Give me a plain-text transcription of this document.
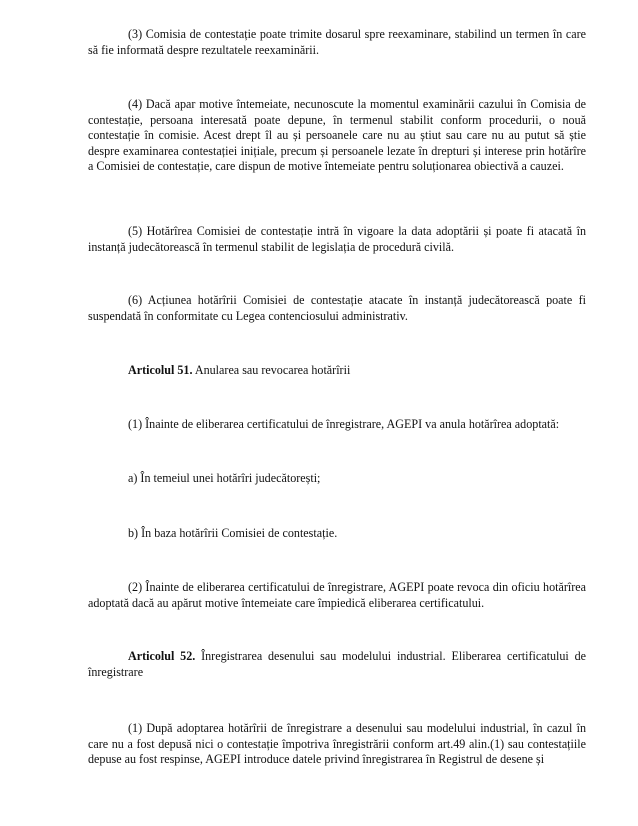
(3) Comisia de contestație poate trimite dosarul spre reexaminare, stabilind un termen în care să fie informată despre rezultatele reexaminării.

(4) Dacă apar motive întemeiate, necunoscute la momentul examinării cazului în Comisia de contestație, persoana interesată poate depune, în termenul stabilit conform procedurii, o nouă contestație în comisie. Acest drept îl au și persoanele care nu au știut sau care nu au putut să știe despre examinarea contestației inițiale, precum și persoanele lezate în drepturi și interese prin hotărîre a Comisiei de contestație, care dispun de motive întemeiate pentru soluționarea obiectivă a cauzei.

(5) Hotărîrea Comisiei de contestație intră în vigoare la data adoptării și poate fi atacată în instanță judecătorească în termenul stabilit de legislația de procedură civilă.

(6) Acțiunea hotărîrii Comisiei de contestație atacate în instanță judecătorească poate fi suspendată în conformitate cu Legea contenciosului administrativ.

Articolul 51. Anularea sau revocarea hotărîrii

(1) Înainte de eliberarea certificatului de înregistrare, AGEPI va anula hotărîrea adoptată:

a) În temeiul unei hotărîri judecătorești;

b) În baza hotărîrii Comisiei de contestație.

(2) Înainte de eliberarea certificatului de înregistrare, AGEPI poate revoca din oficiu hotărîrea adoptată dacă au apărut motive întemeiate care împiedică eliberarea certificatului.

Articolul 52. Înregistrarea desenului sau modelului industrial. Eliberarea certificatului de înregistrare

(1) După adoptarea hotărîrii de înregistrare a desenului sau modelului industrial, în cazul în care nu a fost depusă nici o contestație împotriva înregistrării conform art.49 alin.(1) sau contestațiile depuse au fost respinse, AGEPI introduce datele privind înregistrarea în Registrul de desene și
